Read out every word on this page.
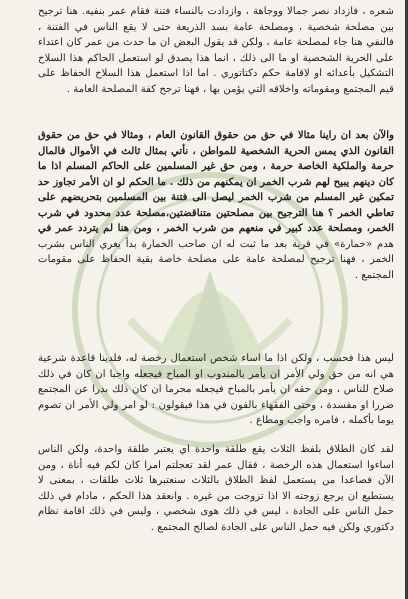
شعره ، فازداد نصر جمالا ووجاهة ، وازدادت بالنساء فتنة فقام عمر بنفيه. هنا ترجيح بين مصلحة شخصية ، ومصلحة عامة بسد الذريعة حتى لا يقع الناس في الفتنة ، فالنفي هنا جاء لمصلحة عامة ، ولكن قد يقول البعض ان ما حدث من عمر كان اعتداء على الحرية الشخصية او ما الى ذلك ، انما هذا يصدق لو استعمل الحاكم هذا السلاح التشكيل بأعدائه او لاقامة حكم دكتاتوري . اما اذا استعمل هذا السلاح الحفاظ على قيم المجتمع ومقوماته واخلاقه التي يؤمن بها ، فهنا ترجح كفة المصلحة العامة .

والآن بعد ان راينا مثالا في حق من حقوق القانون العام ، ومثالا في حق من حقوق القانون الذي يمس الحرية الشخصية للمواطن ، نأتي بمثال ثالث في الأموال فالمال حرمة والملكية الخاصة حرمة ، ومن حق غير المسلمين على الحاكم المسلم اذا ما كان دينهم يبيح لهم شرب الخمر ان يمكنهم من ذلك . ما الحكم لو ان الأمر تجاوز حد تمكين غير المسلم من شرب الخمر ليصل الى فتنة بين المسلمين بتحريضهم على تعاطي الخمر ؟ هنا الترجيح بين مصلحتين متناقضتين،مصلحة عدد محدود في شرب الخمر، ومصلحة عدد كبير في منعهم من شرب الخمر ، ومن هنا لم يتردد عمر في هدم «خمارة» في قرية بعد ما ثبت له ان صاحب الخمارة بدأ يغري الناس بشرب الخمر ، فهنا ترجيح لمصلحة عامة على مصلحة خاصة بقية الحفاظ على مقومات المجتمع .

ليس هذا فحسب ، ولكن اذا ما اساء شخص استعمال رخصة له، فلدينا قاعدة شرعية هي انه من حق ولي الأمر ان يأمر بالمندوب او المباح فيجعله واجبا ان كان في ذلك صلاح للناس ، ومن حقه ان يأمر بالمباح فيجعله محرما ان كان ذلك بدرا عن المجتمع ضررا او مفسدة ، وحتى الفقهاء بالفون في هذا فيقولون : لو امر ولي الأمر ان تصوم يوما بأكمله ، فامره واجب ومطاع .

لقد كان الطلاق بلفظ الثلاث يقع طلقة واحدة اي يعتبر طلقة واحدة، ولكن الناس اساءوا استعمال هذه الرخصة ، فقال عمر لقد تعجلتم امرا كان لكم فيه أناة ، ومن الآن فصاعدا من يستعمل لفظ الطلاق بالثلاث سنعتبرها ثلاث طلقات ، بمعنى لا يستطيع ان يرجع زوجته الا اذا تزوجت من غيره . وانعقد هذا الحكم ، مادام في ذلك حمل الناس على الجادة ، ليس في ذلك هوى شخصي ، وليس في ذلك اقامة نظام دكتوري ولكن فيه حمل الناس على الجادة لصالح المجتمع .
